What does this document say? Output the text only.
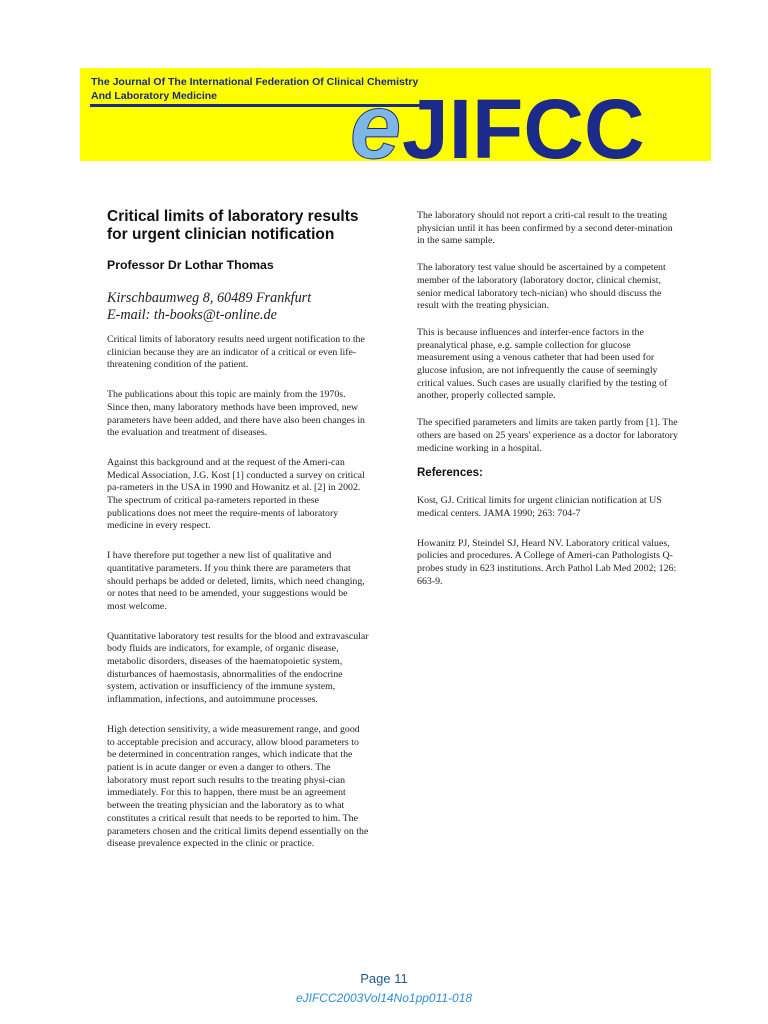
The Journal Of The International Federation Of Clinical Chemistry
And Laboratory Medicine e JIFCC
Critical limits of laboratory results for urgent clinician notification
Professor Dr Lothar Thomas
Kirschbaumweg 8, 60489 Frankfurt
E-mail: th-books@t-online.de

Critical limits of laboratory results need urgent notification to the clinician because they are an indicator of a critical or even life-threatening condition of the patient.

The publications about this topic are mainly from the 1970s. Since then, many laboratory methods have been improved, new parameters have been added, and there have also been changes in the evaluation and treatment of diseases.

Against this background and at the request of the Ameri-can Medical Association, J.G. Kost [1] conducted a survey on critical pa-rameters in the USA in 1990 and Howanitz et al. [2] in 2002. The spectrum of critical pa-rameters reported in these publications does not meet the require-ments of laboratory medicine in every respect.

I have therefore put together a new list of qualitative and quantitative parameters. If you think there are parameters that should perhaps be added or deleted, limits, which need changing, or notes that need to be amended, your suggestions would be most welcome.

Quantitative laboratory test results for the blood and extravascular body fluids are indicators, for example, of organic disease, metabolic disorders, diseases of the haematopoietic system, disturbances of haemostasis, abnormalities of the endocrine system, activation or insufficiency of the immune system, inflammation, infections, and autoimmune processes.

High detection sensitivity, a wide measurement range, and good to acceptable precision and accuracy, allow blood parameters to be determined in concentration ranges, which indicate that the patient is in acute danger or even a danger to others. The laboratory must report such results to the treating physi-cian immediately. For this to happen, there must be an agreement between the treating physician and the laboratory as to what constitutes a critical result that needs to be reported to him. The parameters chosen and the critical limits depend essentially on the disease prevalence expected in the clinic or practice.

The laboratory should not report a criti-cal result to the treating physician until it has been confirmed by a second deter-mination in the same sample.

The laboratory test value should be ascertained by a competent member of the laboratory (laboratory doctor, clinical chemist, senior medical laboratory tech-nician) who should discuss the result with the treating physician.

This is because influences and interfer-ence factors in the preanalytical phase, e.g. sample collection for glucose measurement using a venous catheter that had been used for glucose infusion, are not infrequently the cause of seemingly critical values. Such cases are usually clarified by the testing of another, properly collected sample.

The specified parameters and limits are taken partly from [1]. The others are based on 25 years' experience as a doctor for laboratory medicine working in a hospital.

References:

Kost, GJ. Critical limits for urgent clinician notification at US medical centers. JAMA 1990; 263: 704-7

Howanitz PJ, Steindel SJ, Heard NV. Laboratory critical values, policies and procedures. A College of Ameri-can Pathologists Q-probes study in 623 institutions. Arch Pathol Lab Med 2002; 126: 663-9.

Page 11
eJIFCC2003Vol14No1pp011-018
